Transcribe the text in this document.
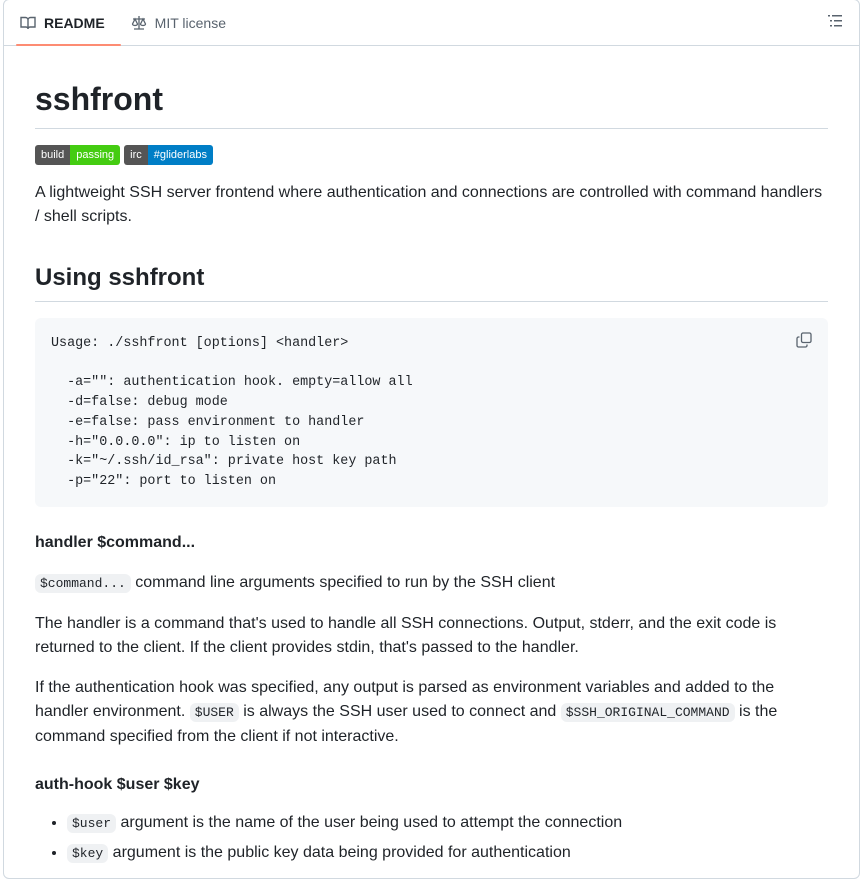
README	MIT license
sshfront
build	passing	irc	#gliderlabs

A lightweight SSH server frontend where authentication and connections are controlled with command handlers / shell scripts.

Using sshfront
Usage: ./sshfront [options] <handler>

-a="": authentication hook. empty=allow all
-d=false: debug mode
-e=false: pass environment to handler
-h="0.0.0.0": ip to listen on
-k="~/.ssh/id_rsa": private host key path
-p="22": port to listen on
handler $command...

$command... command line arguments specified to run by the SSH client

The handler is a command that's used to handle all SSH connections. Output, stderr, and the exit code is returned to the client. If the client provides stdin, that's passed to the handler.

If the authentication hook was specified, any output is parsed as environment variables and added to the handler environment. $USER is always the SSH user used to connect and $SSH_ORIGINAL_COMMAND is the command specified from the client if not interactive.

auth-hook $user $key
• $user argument is the name of the user being used to attempt the connection
• $key argument is the public key data being provided for authentication
